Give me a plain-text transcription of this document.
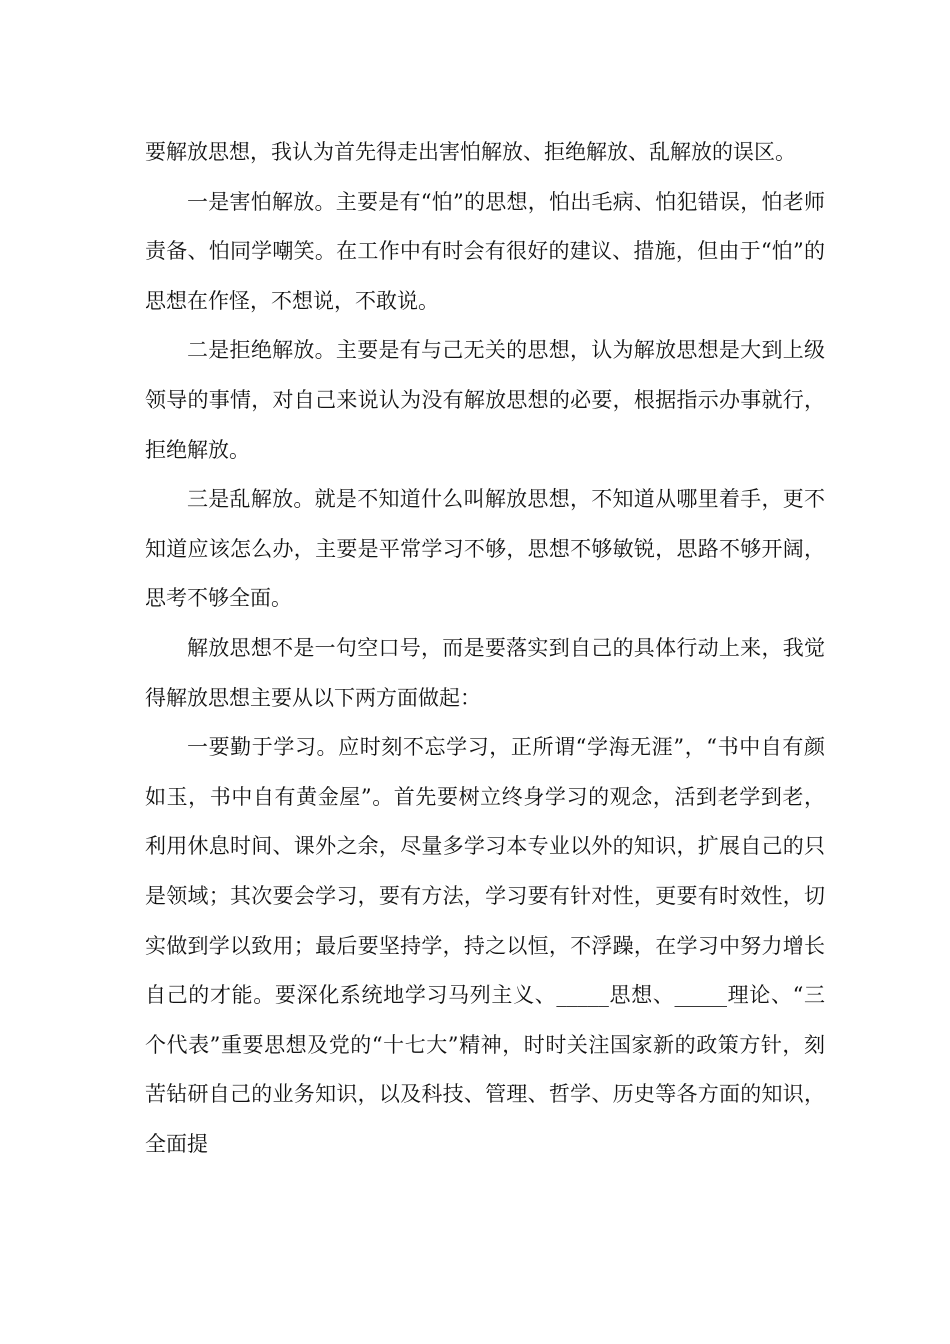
要解放思想，我认为首先得走出害怕解放、拒绝解放、乱解放的误区。

一是害怕解放。主要是有“怕”的思想，怕出毛病、怕犯错误，怕老师责备、怕同学嘲笑。在工作中有时会有很好的建议、措施，但由于“怕”的思想在作怪，不想说，不敢说。

二是拒绝解放。主要是有与己无关的思想，认为解放思想是大到上级领导的事情，对自己来说认为没有解放思想的必要，根据指示办事就行，拒绝解放。

三是乱解放。就是不知道什么叫解放思想，不知道从哪里着手，更不知道应该怎么办，主要是平常学习不够，思想不够敏锐，思路不够开阔，思考不够全面。

解放思想不是一句空口号，而是要落实到自己的具体行动上来，我觉得解放思想主要从以下两方面做起：

一要勤于学习。应时刻不忘学习，正所谓“学海无涯”，“书中自有颜如玉，书中自有黄金屋”。首先要树立终身学习的观念，活到老学到老，利用休息时间、课外之余，尽量多学习本专业以外的知识，扩展自己的只是领域；其次要会学习，要有方法，学习要有针对性，更要有时效性，切实做到学以致用；最后要坚持学，持之以恒，不浮躁，在学习中努力增长自己的才能。要深化系统地学习马列主义、_____思想、_____理论、“三个代表”重要思想及党的“十七大”精神，时时关注国家新的政策方针，刻苦钻研自己的业务知识，以及科技、管理、哲学、历史等各方面的知识，全面提
